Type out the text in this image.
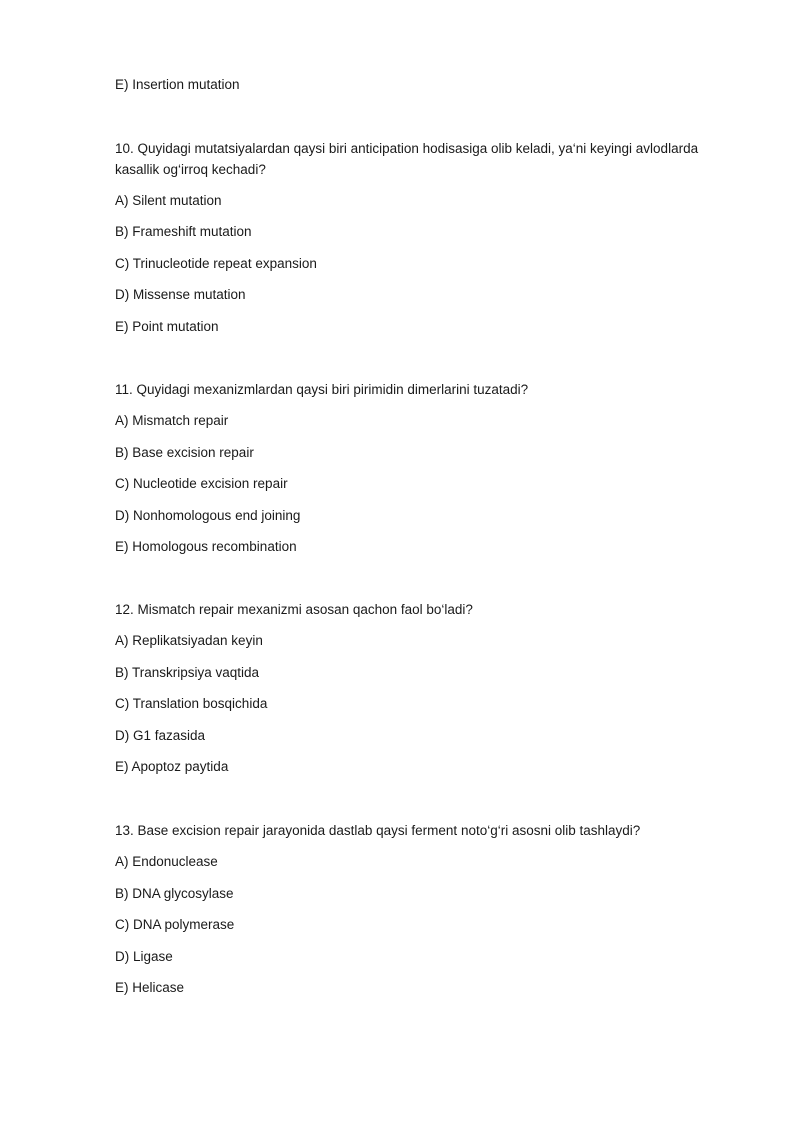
E) Insertion mutation
10. Quyidagi mutatsiyalardan qaysi biri anticipation hodisasiga olib keladi, ya‘ni keyingi avlodlarda kasallik og‘irroq kechadi?
A) Silent mutation
B) Frameshift mutation
C) Trinucleotide repeat expansion
D) Missense mutation
E) Point mutation
11. Quyidagi mexanizmlardan qaysi biri pirimidin dimerlarini tuzatadi?
A) Mismatch repair
B) Base excision repair
C) Nucleotide excision repair
D) Nonhomologous end joining
E) Homologous recombination
12. Mismatch repair mexanizmi asosan qachon faol bo‘ladi?
A) Replikatsiyadan keyin
B) Transkripsiya vaqtida
C) Translation bosqichida
D) G1 fazasida
E) Apoptoz paytida
13. Base excision repair jarayonida dastlab qaysi ferment noto‘g‘ri asosni olib tashlaydi?
A) Endonuclease
B) DNA glycosylase
C) DNA polymerase
D) Ligase
E) Helicase
